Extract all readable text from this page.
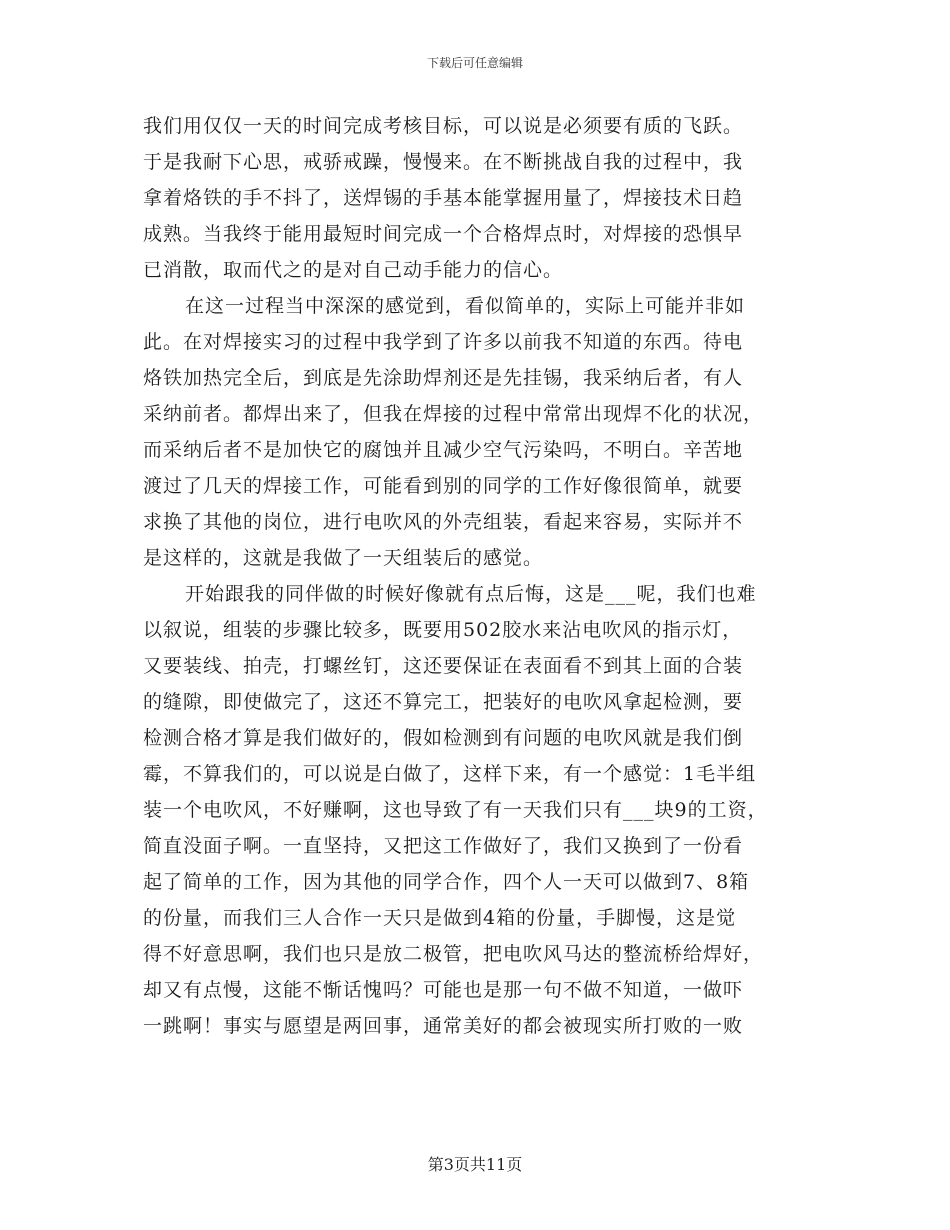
下载后可任意编辑
我们用仅仅一天的时间完成考核目标，可以说是必须要有质的飞跃。
于是我耐下心思，戒骄戒躁，慢慢来。在不断挑战自我的过程中，我
拿着烙铁的手不抖了，送焊锡的手基本能掌握用量了，焊接技术日趋
成熟。当我终于能用最短时间完成一个合格焊点时，对焊接的恐惧早
已消散，取而代之的是对自己动手能力的信心。
在这一过程当中深深的感觉到，看似简单的，实际上可能并非如
此。在对焊接实习的过程中我学到了许多以前我不知道的东西。待电
烙铁加热完全后，到底是先涂助焊剂还是先挂锡，我采纳后者，有人
采纳前者。都焊出来了，但我在焊接的过程中常常出现焊不化的状况，
而采纳后者不是加快它的腐蚀并且减少空气污染吗，不明白。辛苦地
渡过了几天的焊接工作，可能看到别的同学的工作好像很简单，就要
求换了其他的岗位，进行电吹风的外壳组装，看起来容易，实际并不
是这样的，这就是我做了一天组装后的感觉。
开始跟我的同伴做的时候好像就有点后悔，这是___呢，我们也难
以叙说，组装的步骤比较多，既要用502胶水来沾电吹风的指示灯，
又要装线、拍壳，打螺丝钉，这还要保证在表面看不到其上面的合装
的缝隙，即使做完了，这还不算完工，把装好的电吹风拿起检测，要
检测合格才算是我们做好的，假如检测到有问题的电吹风就是我们倒
霉，不算我们的，可以说是白做了，这样下来，有一个感觉：1毛半组
装一个电吹风，不好赚啊，这也导致了有一天我们只有___块9的工资，
简直没面子啊。一直坚持，又把这工作做好了，我们又换到了一份看
起了简单的工作，因为其他的同学合作，四个人一天可以做到7、8箱
的份量，而我们三人合作一天只是做到4箱的份量，手脚慢，这是觉
得不好意思啊，我们也只是放二极管，把电吹风马达的整流桥给焊好，
却又有点慢，这能不惭话愧吗？可能也是那一句不做不知道，一做吓
一跳啊！事实与愿望是两回事，通常美好的都会被现实所打败的一败
第3页共11页
